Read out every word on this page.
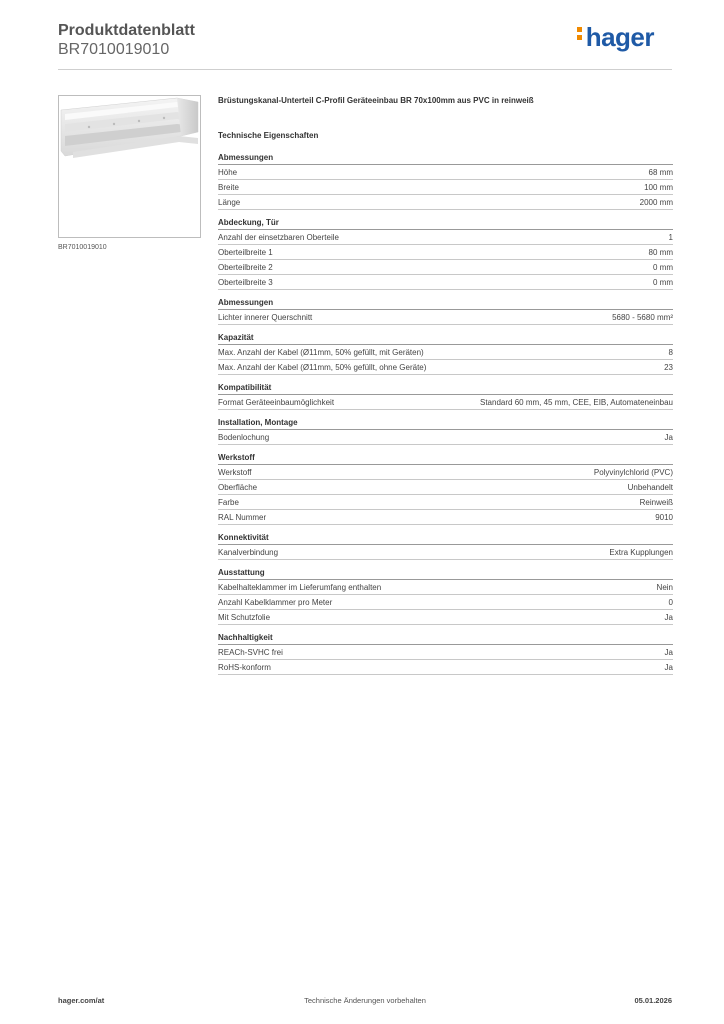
Produktdatenblatt
BR7010019010	hager
BR7010019010
Brüstungskanal-Unterteil C-Profil Geräteeinbau BR 70x100mm aus PVC in reinweiß
Technische Eigenschaften
Abmessungen
Höhe	68 mm
Breite	100 mm
Länge	2000 mm
Abdeckung, Tür
Anzahl der einsetzbaren Oberteile	1
Oberteilbreite 1	80 mm
Oberteilbreite 2	0 mm
Oberteilbreite 3	0 mm
Abmessungen
Lichter innerer Querschnitt	5680 - 5680 mm²
Kapazität
Max. Anzahl der Kabel (Ø11mm, 50% gefüllt, mit Geräten)	8
Max. Anzahl der Kabel (Ø11mm, 50% gefüllt, ohne Geräte)	23
Kompatibilität
Format Geräteeinbaumöglichkeit	Standard 60 mm, 45 mm, CEE, EIB, Automateneinbau
Installation, Montage
Bodenlochung	Ja
Werkstoff
Werkstoff	Polyvinylchlorid (PVC)
Oberfläche	Unbehandelt
Farbe	Reinweiß
RAL Nummer	9010
Konnektivität
Kanalverbindung	Extra Kupplungen
Ausstattung
Kabelhalteklammer im Lieferumfang enthalten	Nein
Anzahl Kabelklammer pro Meter	0
Mit Schutzfolie	Ja
Nachhaltigkeit
REACh-SVHC frei	Ja
RoHS-konform	Ja
hager.com/at	Technische Änderungen vorbehalten	05.01.2026
